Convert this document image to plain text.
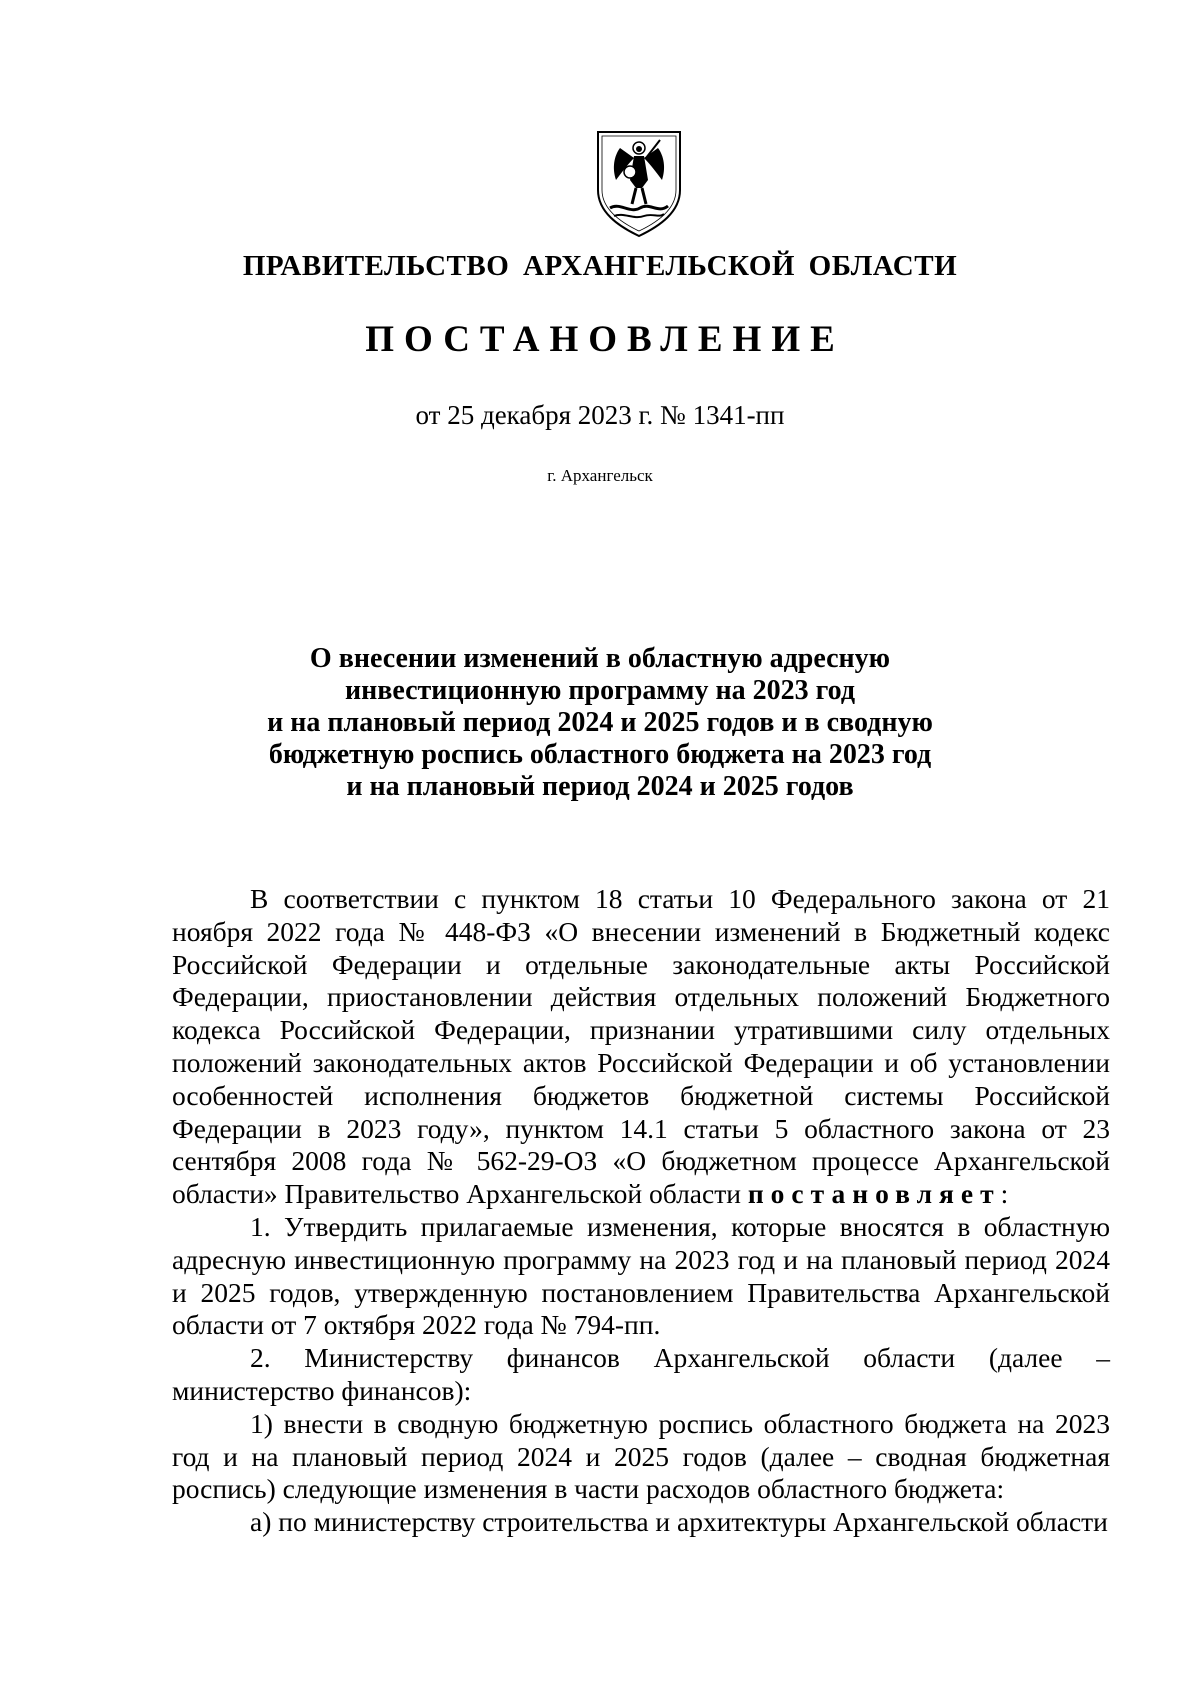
ПРАВИТЕЛЬСТВО АРХАНГЕЛЬСКОЙ ОБЛАСТИ
ПОСТАНОВЛЕНИЕ
от 25 декабря 2023 г. № 1341-пп
г. Архангельск
О внесении изменений в областную адресную
инвестиционную программу на 2023 год
и на плановый период 2024 и 2025 годов и в сводную
бюджетную роспись областного бюджета на 2023 год
и на плановый период 2024 и 2025 годов

В соответствии с пунктом 18 статьи 10 Федерального закона от 21 ноября 2022 года № 448-ФЗ «О внесении изменений в Бюджетный кодекс Российской Федерации и отдельные законодательные акты Российской Федерации, приостановлении действия отдельных положений Бюджетного кодекса Российской Федерации, признании утратившими силу отдельных положений законодательных актов Российской Федерации и об установлении особенностей исполнения бюджетов бюджетной системы Российской Федерации в 2023 году», пунктом 14.1 статьи 5 областного закона от 23 сентября 2008 года № 562-29-ОЗ «О бюджетном процессе Архангельской области» Правительство Архангельской области постановляет:

1. Утвердить прилагаемые изменения, которые вносятся в областную адресную инвестиционную программу на 2023 год и на плановый период 2024 и 2025 годов, утвержденную постановлением Правительства Архангельской области от 7 октября 2022 года № 794-пп.

2. Министерству финансов Архангельской области (далее – министерство финансов):

1) внести в сводную бюджетную роспись областного бюджета на 2023 год и на плановый период 2024 и 2025 годов (далее – сводная бюджетная роспись) следующие изменения в части расходов областного бюджета:

а) по министерству строительства и архитектуры Архангельской области
